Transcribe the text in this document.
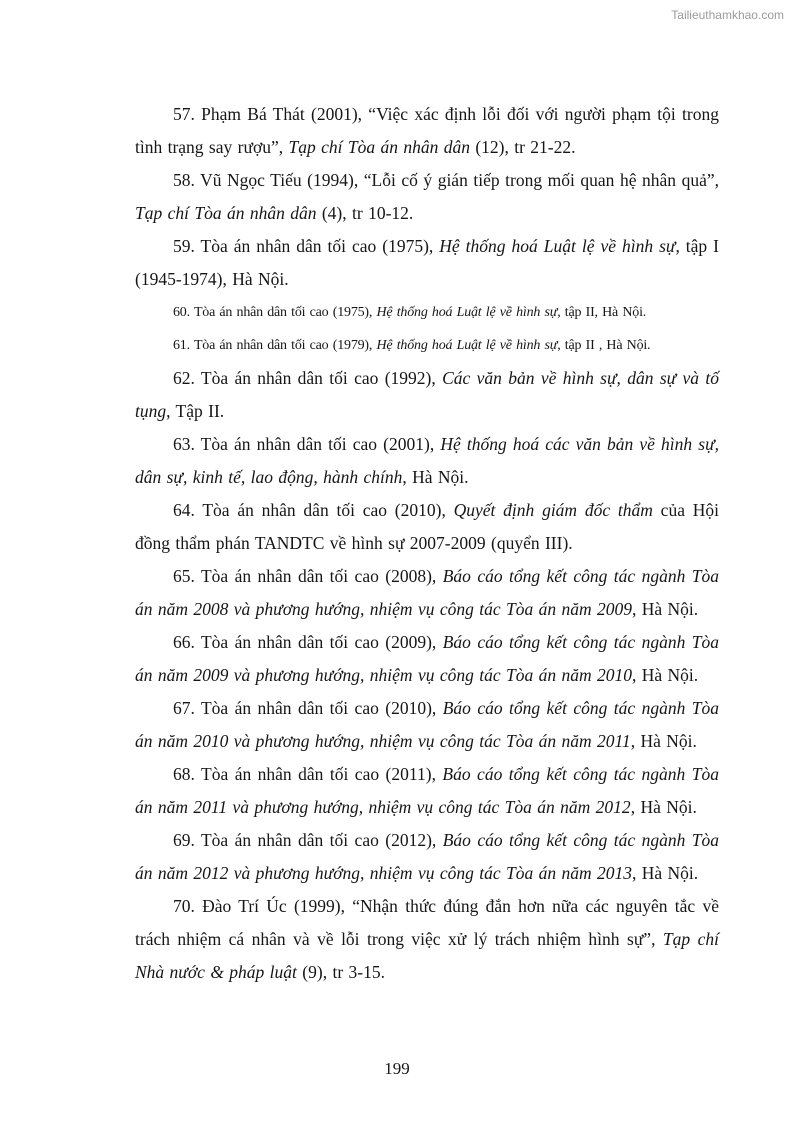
Tailieuthamkhao.com

57. Phạm Bá Thát (2001), “Việc xác định lỗi đối với người phạm tội trong tình trạng say rượu”, Tạp chí Tòa án nhân dân (12), tr 21-22.

58. Vũ Ngọc Tiếu (1994), “Lỗi cố ý gián tiếp trong mối quan hệ nhân quả”, Tạp chí Tòa án nhân dân (4), tr 10-12.

59. Tòa án nhân dân tối cao (1975), Hệ thống hoá Luật lệ về hình sự, tập I (1945-1974), Hà Nội.

60. Tòa án nhân dân tối cao (1975), Hệ thống hoá Luật lệ về hình sự, tập II, Hà Nội.

61. Tòa án nhân dân tối cao (1979), Hệ thống hoá Luật lệ về hình sự, tập II , Hà Nội.

62. Tòa án nhân dân tối cao (1992), Các văn bản về hình sự, dân sự và tố tụng, Tập II.

63. Tòa án nhân dân tối cao (2001), Hệ thống hoá các văn bản về hình sự, dân sự, kinh tế, lao động, hành chính, Hà Nội.

64. Tòa án nhân dân tối cao (2010), Quyết định giám đốc thẩm của Hội đồng thẩm phán TANDTC về hình sự 2007-2009 (quyển III).

65. Tòa án nhân dân tối cao (2008), Báo cáo tổng kết công tác ngành Tòa án năm 2008 và phương hướng, nhiệm vụ công tác Tòa án năm 2009, Hà Nội.

66. Tòa án nhân dân tối cao (2009), Báo cáo tổng kết công tác ngành Tòa án năm 2009 và phương hướng, nhiệm vụ công tác Tòa án năm 2010, Hà Nội.

67. Tòa án nhân dân tối cao (2010), Báo cáo tổng kết công tác ngành Tòa án năm 2010 và phương hướng, nhiệm vụ công tác Tòa án năm 2011, Hà Nội.

68. Tòa án nhân dân tối cao (2011), Báo cáo tổng kết công tác ngành Tòa án năm 2011 và phương hướng, nhiệm vụ công tác Tòa án năm 2012, Hà Nội.

69. Tòa án nhân dân tối cao (2012), Báo cáo tổng kết công tác ngành Tòa án năm 2012 và phương hướng, nhiệm vụ công tác Tòa án năm 2013, Hà Nội.

70. Đào Trí Úc (1999), “Nhận thức đúng đắn hơn nữa các nguyên tắc về trách nhiệm cá nhân và về lỗi trong việc xử lý trách nhiệm hình sự”, Tạp chí Nhà nước & pháp luật (9), tr 3-15.

199
